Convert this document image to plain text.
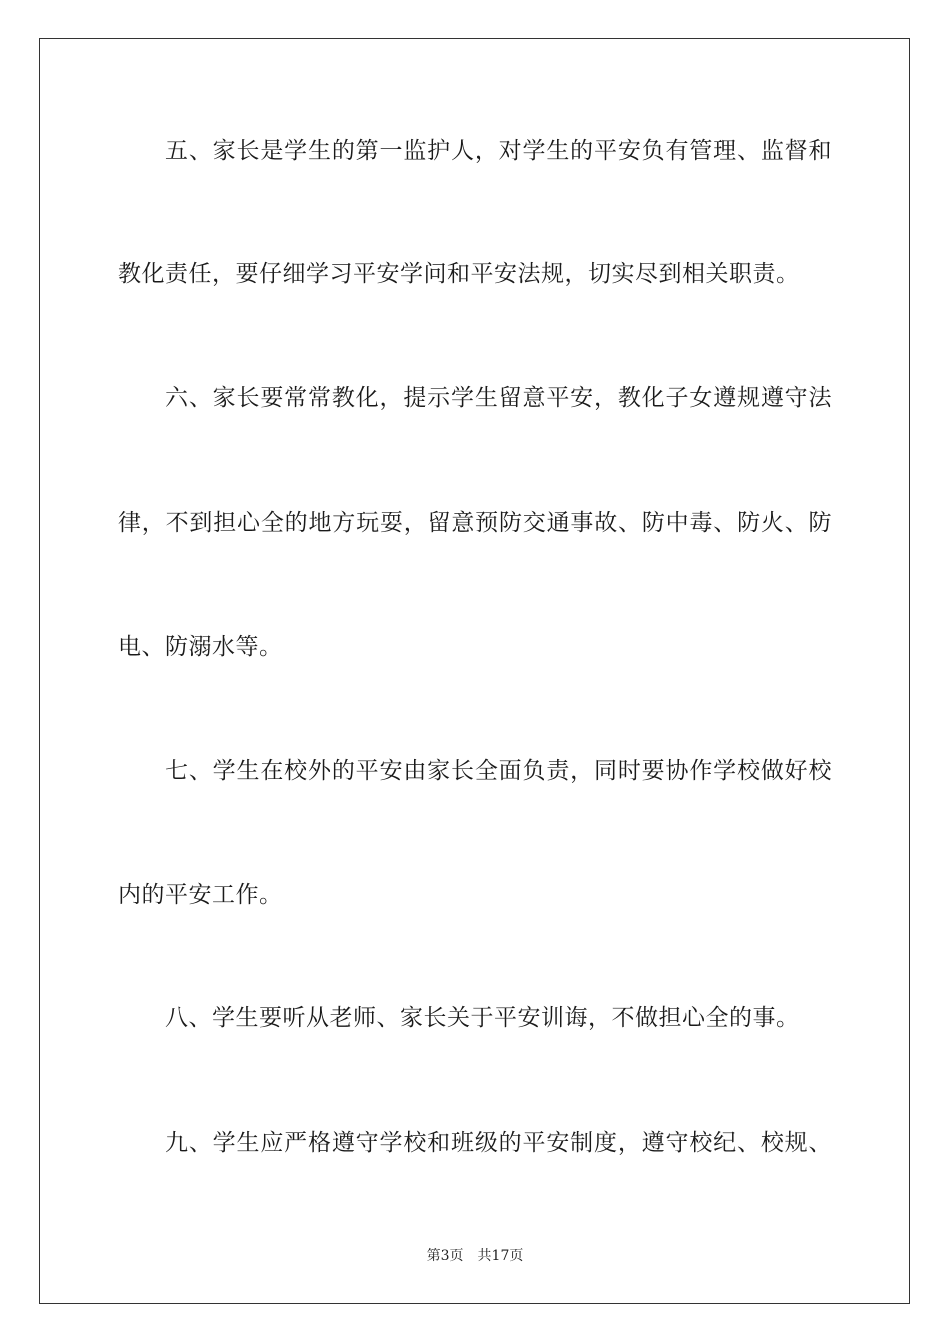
五、家长是学生的第一监护人，对学生的平安负有管理、监督和
教化责任，要仔细学习平安学问和平安法规，切实尽到相关职责。
六、家长要常常教化，提示学生留意平安，教化子女遵规遵守法
律，不到担心全的地方玩耍，留意预防交通事故、防中毒、防火、防
电、防溺水等。
七、学生在校外的平安由家长全面负责，同时要协作学校做好校
内的平安工作。
八、学生要听从老师、家长关于平安训诲，不做担心全的事。
九、学生应严格遵守学校和班级的平安制度，遵守校纪、校规、
第3页 共17页
